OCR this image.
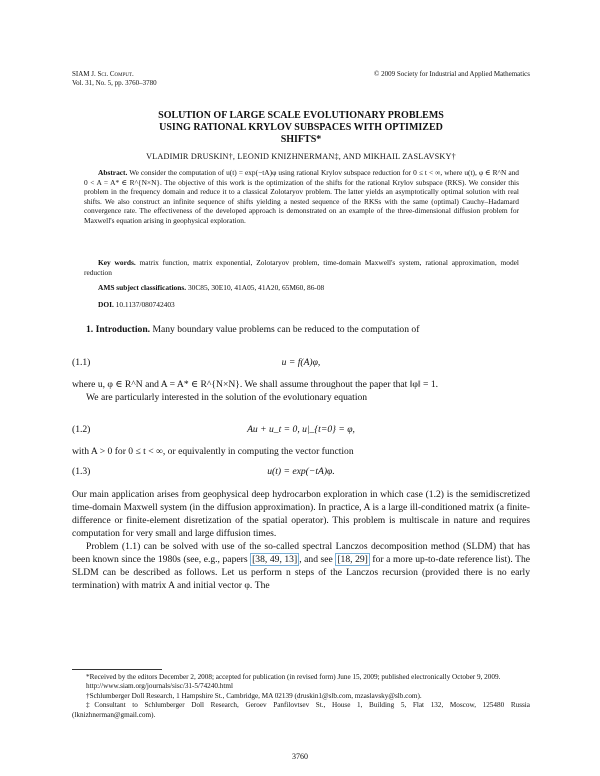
SIAM J. Sci. Comput.
Vol. 31, No. 5, pp. 3760–3780
© 2009 Society for Industrial and Applied Mathematics
SOLUTION OF LARGE SCALE EVOLUTIONARY PROBLEMS
USING RATIONAL KRYLOV SUBSPACES WITH OPTIMIZED
SHIFTS*
VLADIMIR DRUSKIN†, LEONID KNIZHNERMAN‡, AND MIKHAIL ZASLAVSKY†

Abstract. We consider the computation of u(t) = exp(−tA)φ using rational Krylov subspace reduction for 0 ≤ t < ∞, where u(t), φ ∈ R^N and 0 < A = A* ∈ R^{N×N}. The objective of this work is the optimization of the shifts for the rational Krylov subspace (RKS). We consider this problem in the frequency domain and reduce it to a classical Zolotaryov problem. The latter yields an asymptotically optimal solution with real shifts. We also construct an infinite sequence of shifts yielding a nested sequence of the RKSs with the same (optimal) Cauchy–Hadamard convergence rate. The effectiveness of the developed approach is demonstrated on an example of the three-dimensional diffusion problem for Maxwell's equation arising in geophysical exploration.

Key words. matrix function, matrix exponential, Zolotaryov problem, time-domain Maxwell's system, rational approximation, model reduction

AMS subject classifications. 30C85, 30E10, 41A05, 41A20, 65M60, 86-08

DOI. 10.1137/080742403

1. Introduction. Many boundary value problems can be reduced to the computation of

(1.1)	u = f(A)φ,

where u, φ ∈ R^N and A = A* ∈ R^{N×N}. We shall assume throughout the paper that ‖φ‖ = 1.

We are particularly interested in the solution of the evolutionary equation

(1.2)	Au + u_t = 0, u|_{t=0} = φ,

with A > 0 for 0 ≤ t < ∞, or equivalently in computing the vector function

(1.3)	u(t) = exp(−tA)φ.

Our main application arises from geophysical deep hydrocarbon exploration in which case (1.2) is the semidiscretized time-domain Maxwell system (in the diffusion approximation). In practice, A is a large ill-conditioned matrix (a finite-difference or finite-element disretization of the spatial operator). This problem is multiscale in nature and requires computation for very small and large diffusion times.

Problem (1.1) can be solved with use of the so-called spectral Lanczos decomposition method (SLDM) that has been known since the 1980s (see, e.g., papers [38, 49, 13] , and see [18, 29] for a more up-to-date reference list). The SLDM can be described as follows. Let us perform n steps of the Lanczos recursion (provided there is no early termination) with matrix A and initial vector φ. The

*Received by the editors December 2, 2008; accepted for publication (in revised form) June 15, 2009; published electronically October 9, 2009.

http://www.siam.org/journals/sisc/31-5/74240.html

†Schlumberger Doll Research, 1 Hampshire St., Cambridge, MA 02139 (druskin1@slb.com, mzaslavsky@slb.com).

‡Consultant to Schlumberger Doll Research, Geroev Panfilovtsev St., House 1, Building 5, Flat 132, Moscow, 125480 Russia (lknizhnerman@gmail.com).

3760
